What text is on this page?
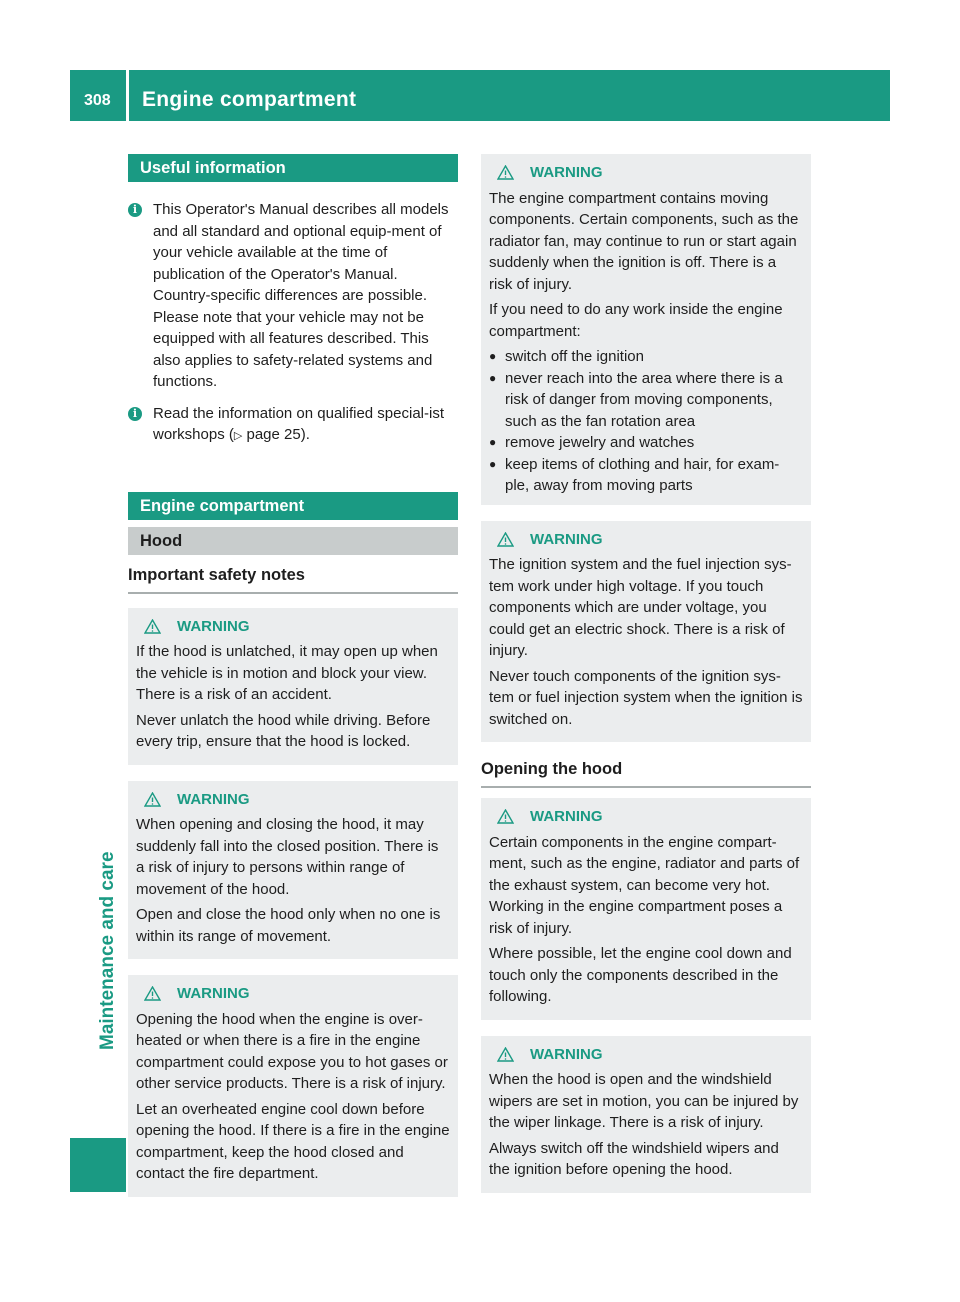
308 Engine compartment
Maintenance and care
Useful information
i	This Operator's Manual describes all models and all standard and optional equip-ment of your vehicle available at the time of publication of the Operator's Manual. Country-specific differences are possible. Please note that your vehicle may not be equipped with all features described. This also applies to safety-related systems and functions.
i	Read the information on qualified special-ist workshops (▷ page 25).
Engine compartment
Hood
Important safety notes
WARNING

If the hood is unlatched, it may open up when the vehicle is in motion and block your view. There is a risk of an accident.

Never unlatch the hood while driving. Before every trip, ensure that the hood is locked.

WARNING

When opening and closing the hood, it may suddenly fall into the closed position. There is a risk of injury to persons within range of movement of the hood.

Open and close the hood only when no one is within its range of movement.

WARNING

Opening the hood when the engine is over-heated or when there is a fire in the engine compartment could expose you to hot gases or other service products. There is a risk of injury.

Let an overheated engine cool down before opening the hood. If there is a fire in the engine compartment, keep the hood closed and contact the fire department.

WARNING

The engine compartment contains moving components. Certain components, such as the radiator fan, may continue to run or start again suddenly when the ignition is off. There is a risk of injury.

If you need to do any work inside the engine compartment:

● switch off the ignition
● never reach into the area where there is a risk of danger from moving components, such as the fan rotation area
● remove jewelry and watches
● keep items of clothing and hair, for exam-ple, away from moving parts
WARNING

The ignition system and the fuel injection sys-tem work under high voltage. If you touch components which are under voltage, you could get an electric shock. There is a risk of injury.

Never touch components of the ignition sys-tem or fuel injection system when the ignition is switched on.

Opening the hood
WARNING

Certain components in the engine compart-ment, such as the engine, radiator and parts of the exhaust system, can become very hot. Working in the engine compartment poses a risk of injury.

Where possible, let the engine cool down and touch only the components described in the following.

WARNING

When the hood is open and the windshield wipers are set in motion, you can be injured by the wiper linkage. There is a risk of injury.

Always switch off the windshield wipers and the ignition before opening the hood.
